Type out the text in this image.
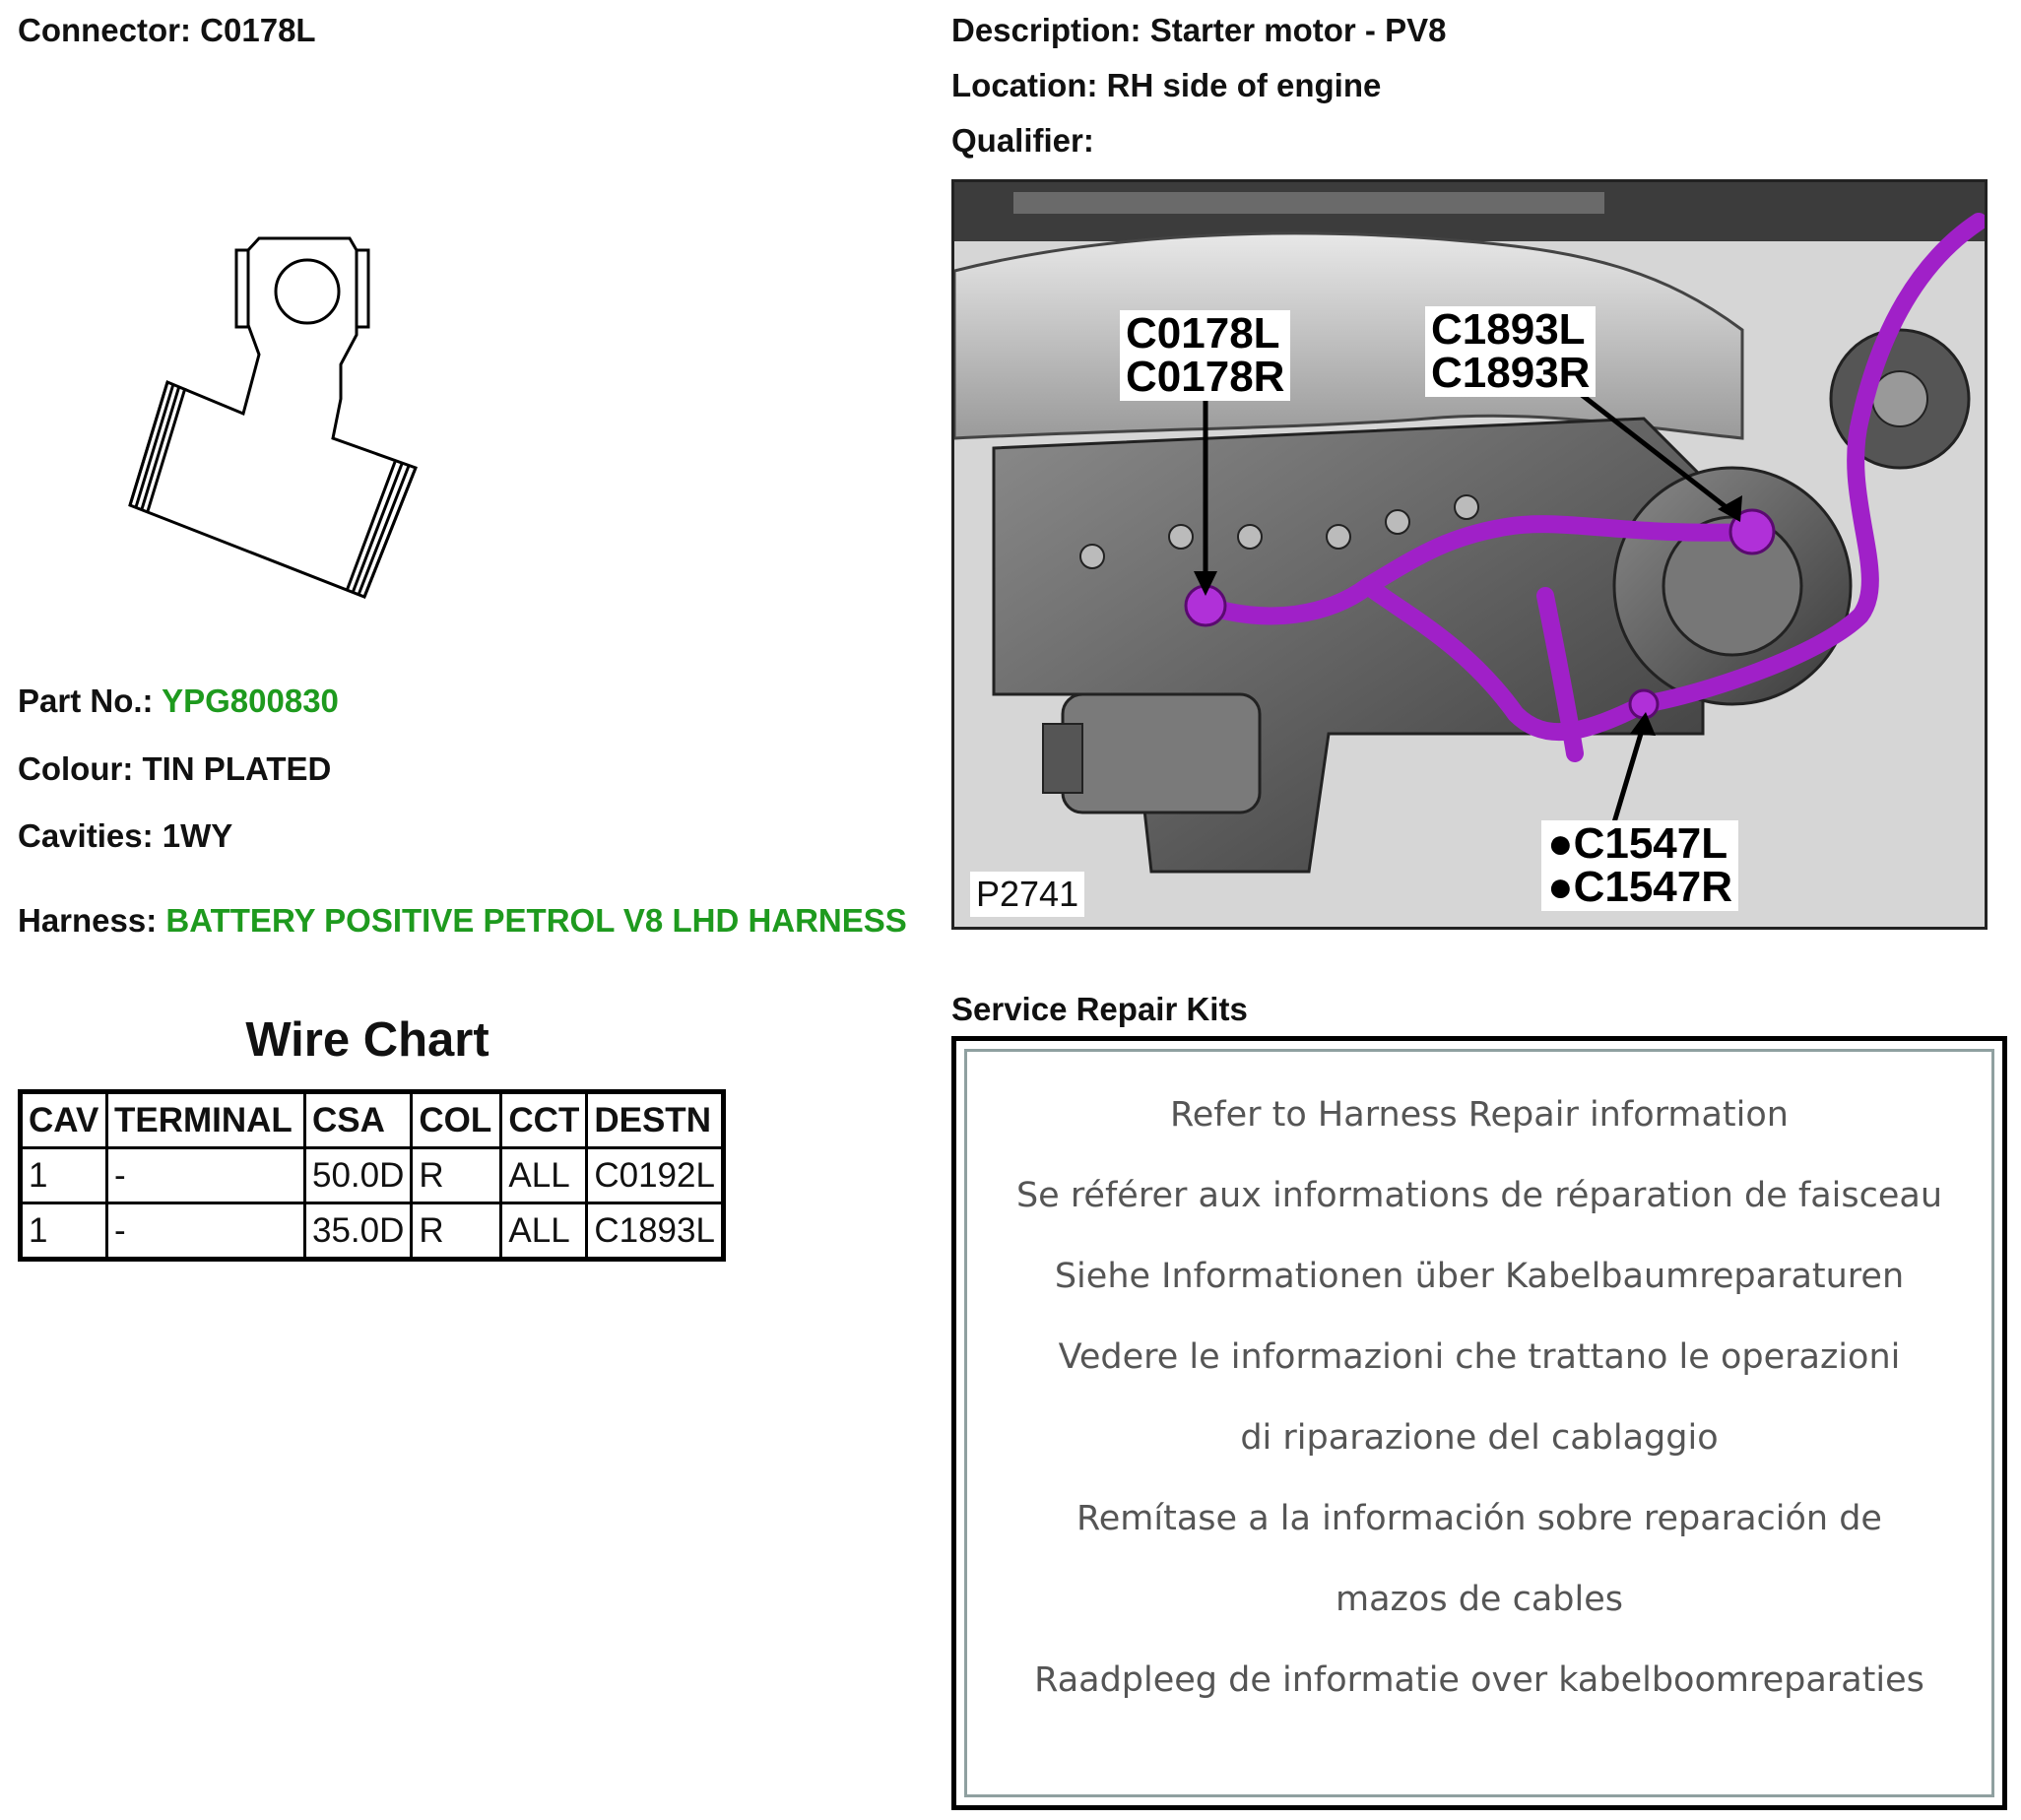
Connector: C0178L
Part No.: YPG800830
Colour: TIN PLATED
Cavities: 1WY
Harness: BATTERY POSITIVE PETROL V8 LHD HARNESS
Wire Chart
CAV	TERMINAL	CSA	COL	CCT	DESTN
1	-	50.0D	R	ALL	C0192L
1	-	35.0D	R	ALL	C1893L
Description: Starter motor - PV8
Location: RH side of engine
Qualifier:
C0178L
C0178R
C1893L
C1893R
●C1547L
●C1547R
P2741
Service Repair Kits
Refer to Harness Repair information
Se référer aux informations de réparation de faisceau
Siehe Informationen über Kabelbaumreparaturen
Vedere le informazioni che trattano le operazioni
di riparazione del cablaggio
Remítase a la información sobre reparación de
mazos de cables
Raadpleeg de informatie over kabelboomreparaties
